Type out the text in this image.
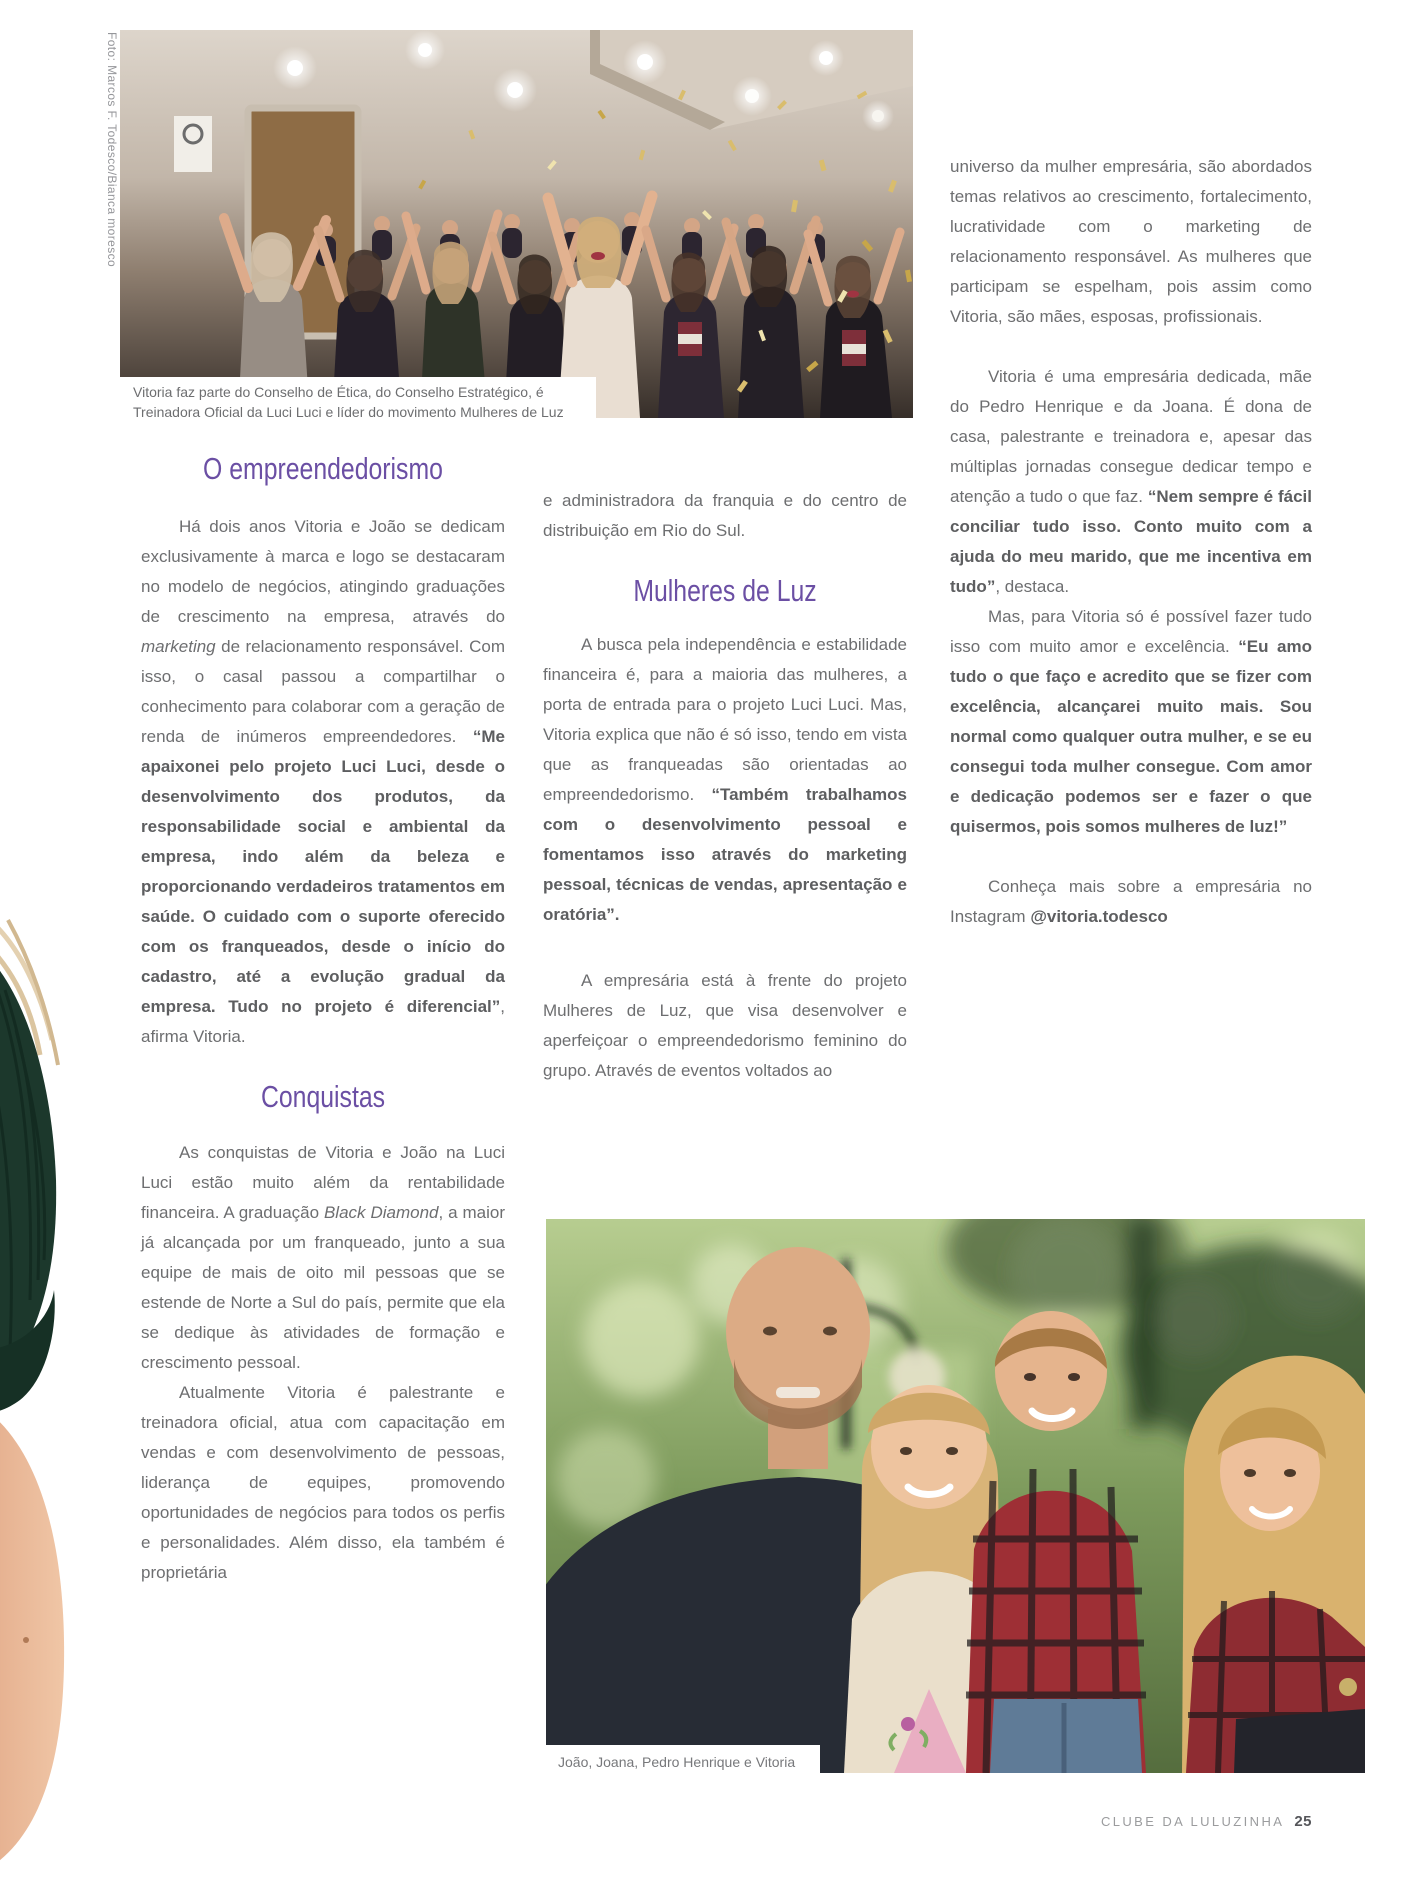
Foto: Marcos F. Todesco/Bianca moresco
Vitoria faz parte do Conselho de Ética, do Conselho Estratégico, é
Treinadora Oficial da Luci Luci e líder do movimento Mulheres de Luz
O empreendedorismo

Há dois anos Vitoria e João se dedicam exclusivamente à marca e logo se destacaram no modelo de negócios, atingindo graduações de crescimento na empresa, através do marketing de relacionamento responsável. Com isso, o casal passou a compartilhar o conhecimento para colaborar com a geração de renda de inúmeros empreendedores. “Me apaixonei pelo projeto Luci Luci, desde o desenvolvimento dos produtos, da responsabilidade social e ambiental da empresa, indo além da beleza e proporcionando verdadeiros tratamentos em saúde. O cuidado com o suporte oferecido com os franqueados, desde o início do cadastro, até a evolução gradual da empresa. Tudo no projeto é diferencial”, afirma Vitoria.

Conquistas

As conquistas de Vitoria e João na Luci Luci estão muito além da rentabilidade financeira. A graduação Black Diamond, a maior já alcançada por um franqueado, junto a sua equipe de mais de oito mil pessoas que se estende de Norte a Sul do país, permite que ela se dedique às atividades de formação e crescimento pessoal.

Atualmente Vitoria é palestrante e treinadora oficial, atua com capacitação em vendas e com desenvolvimento de pessoas, liderança de equipes, promovendo oportunidades de negócios para todos os perfis e personalidades. Além disso, ela também é proprietária

e administradora da franquia e do centro de distribuição em Rio do Sul.

Mulheres de Luz

A busca pela independência e estabilidade financeira é, para a maioria das mulheres, a porta de entrada para o projeto Luci Luci. Mas, Vitoria explica que não é só isso, tendo em vista que as franqueadas são orientadas ao empreendedorismo. “Também trabalhamos com o desenvolvimento pessoal e fomentamos isso através do marketing pessoal, técnicas de vendas, apresentação e oratória”.

A empresária está à frente do projeto Mulheres de Luz, que visa desenvolver e aperfeiçoar o empreendedorismo feminino do grupo. Através de eventos voltados ao

universo da mulher empresária, são abordados temas relativos ao crescimento, fortalecimento, lucratividade com o marketing de relacionamento responsável. As mulheres que participam se espelham, pois assim como Vitoria, são mães, esposas, profissionais.

Vitoria é uma empresária dedicada, mãe do Pedro Henrique e da Joana. É dona de casa, palestrante e treinadora e, apesar das múltiplas jornadas consegue dedicar tempo e atenção a tudo o que faz. “Nem sempre é fácil conciliar tudo isso. Conto muito com a ajuda do meu marido, que me incentiva em tudo”, destaca.

Mas, para Vitoria só é possível fazer tudo isso com muito amor e excelência. “Eu amo tudo o que faço e acredito que se fizer com excelência, alcançarei muito mais. Sou normal como qualquer outra mulher, e se eu consegui toda mulher consegue. Com amor e dedicação podemos ser e fazer o que quisermos, pois somos mulheres de luz!”

Conheça mais sobre a empresária no Instagram @vitoria.todesco

João, Joana, Pedro Henrique e Vitoria
CLUBE DA LULUZINHA 25
